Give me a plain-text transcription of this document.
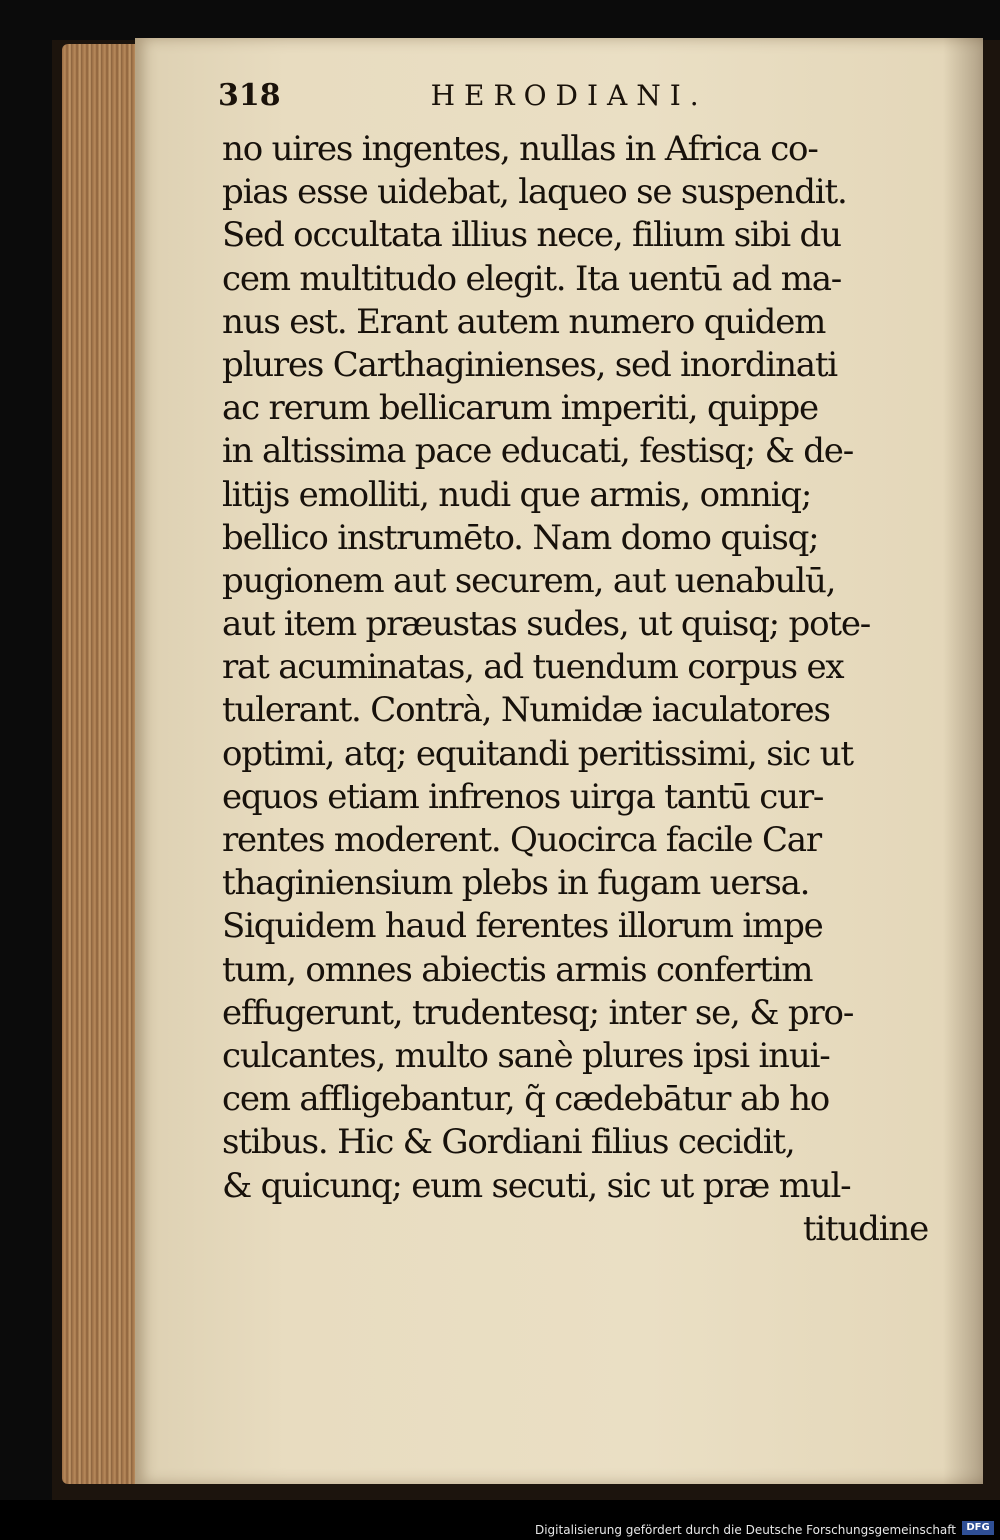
318	HERODIANI.
no uires ingentes, nullas in Africa co-
pias esse uidebat, laqueo se suspendit.
Sed occultata illius nece, filium sibi du
cem multitudo elegit. Ita uentū ad ma-
nus est. Erant autem numero quidem
plures Carthaginienses, sed inordinati
ac rerum bellicarum imperiti, quippe
in altissima pace educati, festisq; & de-
litijs emolliti, nudi que armis, omniq;
bellico instrumēto. Nam domo quisq;
pugionem aut securem, aut uenabulū,
aut item præustas sudes, ut quisq; pote-
rat acuminatas, ad tuendum corpus ex
tulerant. Contrà, Numidæ iaculatores
optimi, atq; equitandi peritissimi, sic ut
equos etiam infrenos uirga tantū cur-
rentes moderent. Quocirca facile Car
thaginiensium plebs in fugam uersa.
Siquidem haud ferentes illorum impe
tum, omnes abiectis armis confertim
effugerunt, trudentesq; inter se, & pro-
culcantes, multo sanè plures ipsi inui-
cem affligebantur, q̃ cædebātur ab ho
stibus. Hic & Gordiani filius cecidit,
& quicunq; eum secuti, sic ut præ mul-
titudine
Digitalisierung gefördert durch die Deutsche Forschungsgemeinschaft	DFG
